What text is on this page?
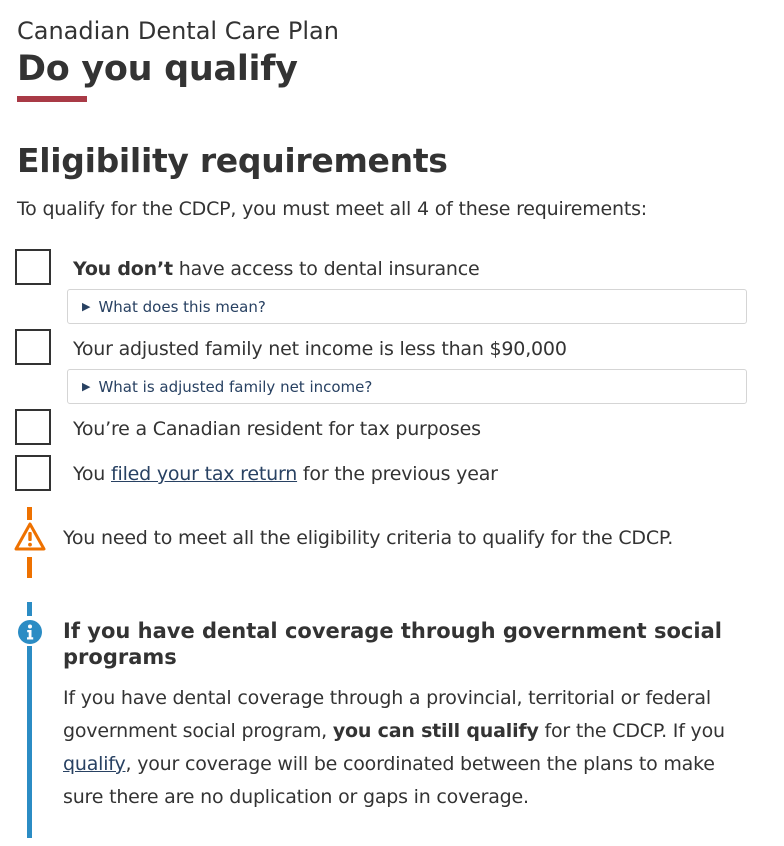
Canadian Dental Care Plan
Do you qualify
Eligibility requirements

To qualify for the CDCP, you must meet all 4 of these requirements:

You don’t have access to dental insurance
▶ What does this mean?
Your adjusted family net income is less than $90,000
▶ What is adjusted family net income?
You’re a Canadian resident for tax purposes
You filed your tax return for the previous year
You need to meet all the eligibility criteria to qualify for the CDCP.
If you have dental coverage through government social programs
If you have dental coverage through a provincial, territorial or federal government social program, you can still qualify for the CDCP. If you qualify, your coverage will be coordinated between the plans to make sure there are no duplication or gaps in coverage.
